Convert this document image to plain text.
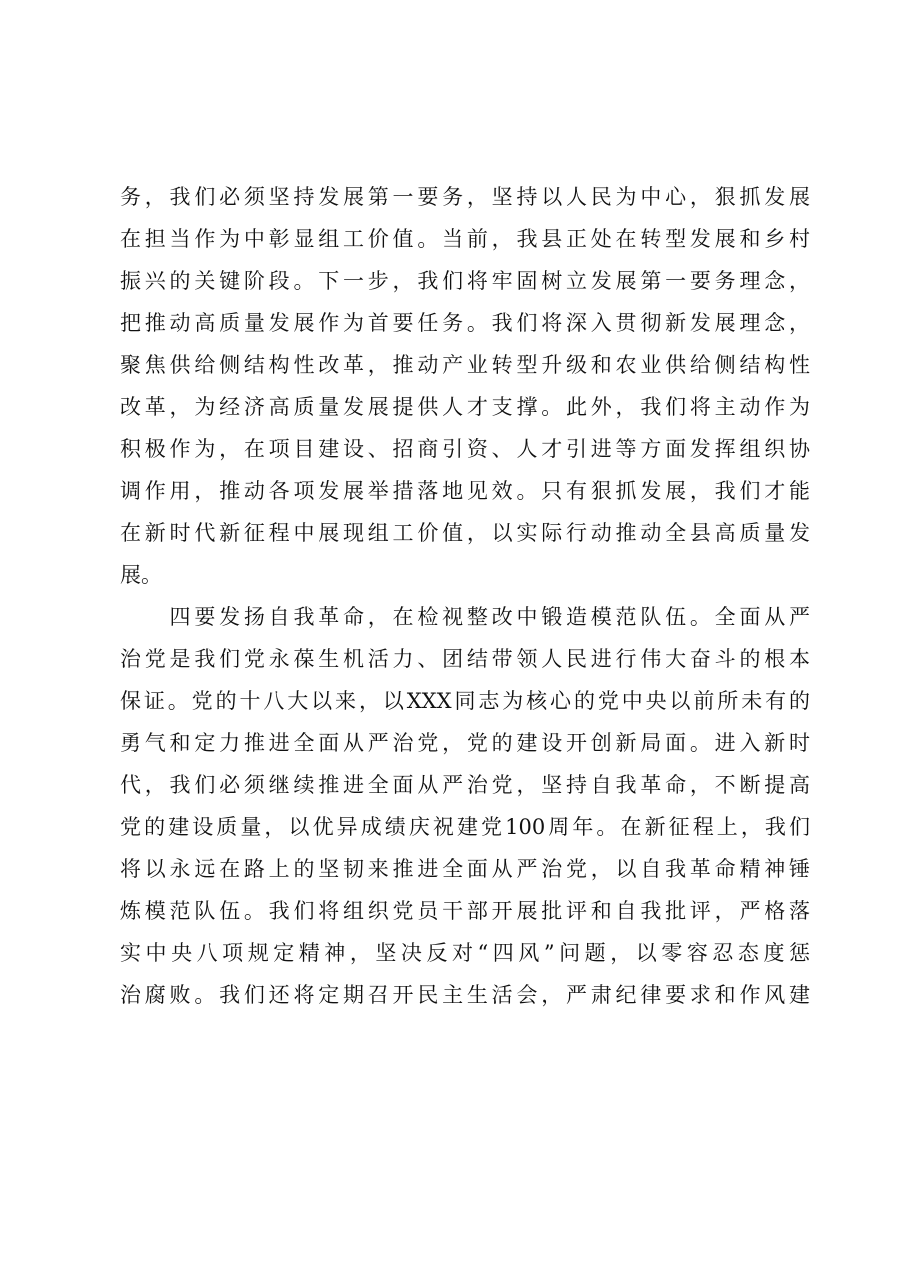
务，我们必须坚持发展第一要务，坚持以人民为中心，狠抓发展
在担当作为中彰显组工价值。当前，我县正处在转型发展和乡村
振兴的关键阶段。下一步，我们将牢固树立发展第一要务理念，
把推动高质量发展作为首要任务。我们将深入贯彻新发展理念，
聚焦供给侧结构性改革，推动产业转型升级和农业供给侧结构性
改革，为经济高质量发展提供人才支撑。此外，我们将主动作为
积极作为，在项目建设、招商引资、人才引进等方面发挥组织协
调作用，推动各项发展举措落地见效。只有狠抓发展，我们才能
在新时代新征程中展现组工价值，以实际行动推动全县高质量发
展。
　　四要发扬自我革命，在检视整改中锻造模范队伍。全面从严
治党是我们党永葆生机活力、团结带领人民进行伟大奋斗的根本
保证。党的十八大以来，以XXX同志为核心的党中央以前所未有的
勇气和定力推进全面从严治党，党的建设开创新局面。进入新时
代，我们必须继续推进全面从严治党，坚持自我革命，不断提高
党的建设质量，以优异成绩庆祝建党100周年。在新征程上，我们
将以永远在路上的坚韧来推进全面从严治党，以自我革命精神锤
炼模范队伍。我们将组织党员干部开展批评和自我批评，严格落
实中央八项规定精神，坚决反对“四风”问题，以零容忍态度惩
治腐败。我们还将定期召开民主生活会，严肃纪律要求和作风建
